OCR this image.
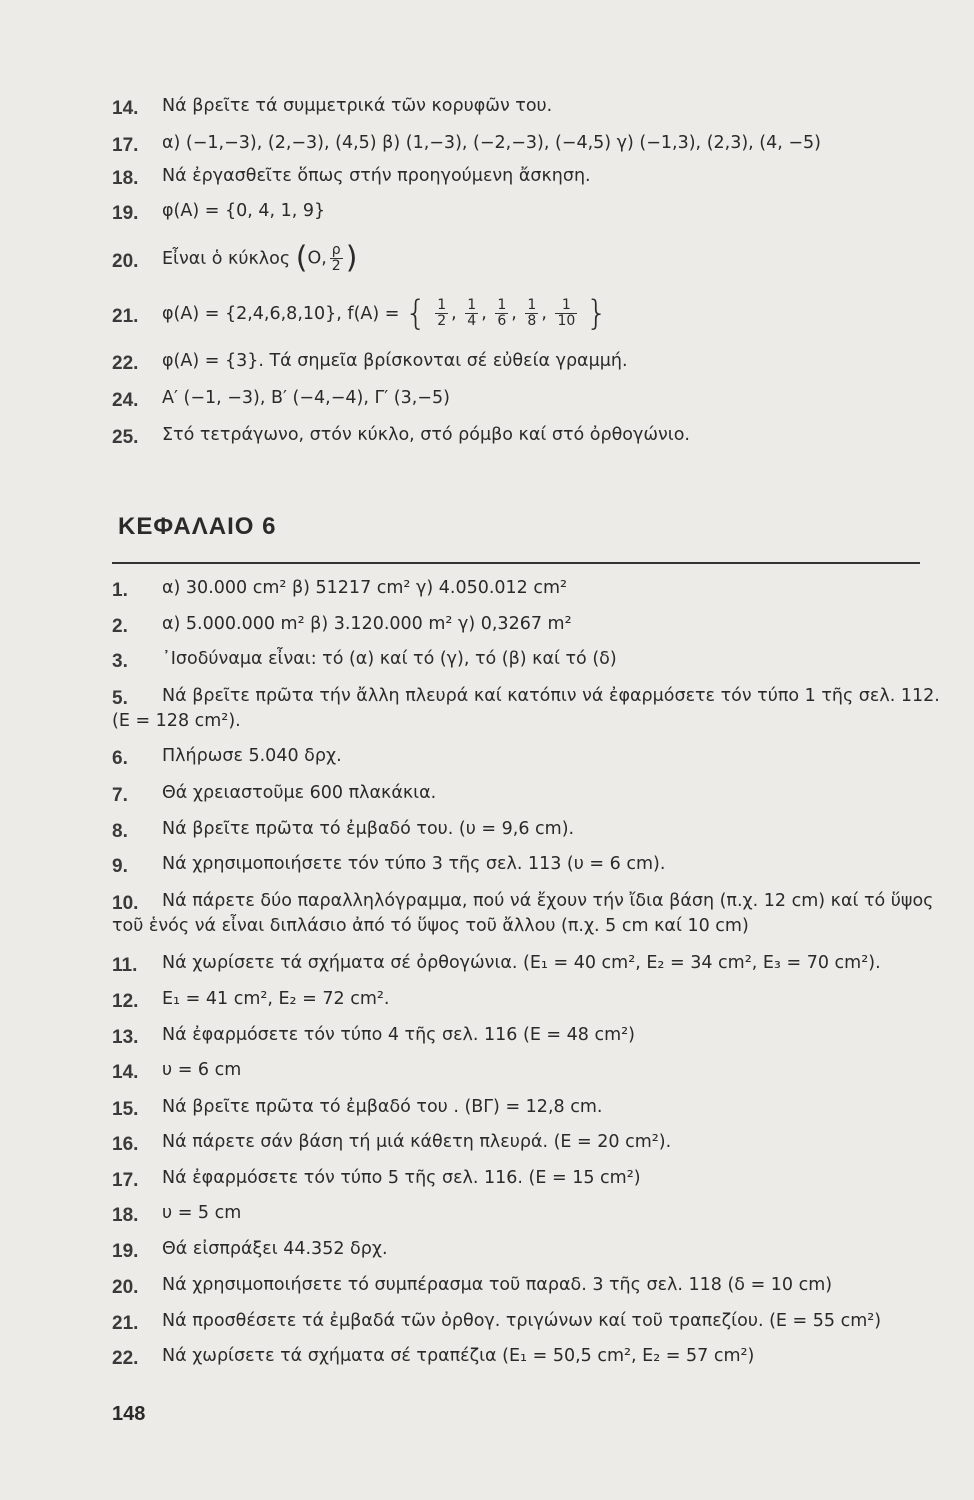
14. Νά βρεῖτε τά συμμετρικά τῶν κορυφῶν του.
17. α) (−1,−3), (2,−3), (4,5) β) (1,−3), (−2,−3), (−4,5) γ) (−1,3), (2,3), (4, −5)
18. Νά ἐργασθεῖτε ὅπως στήν προηγούμενη ἄσκηση.
19. φ(Α) = {0, 4, 1, 9}
20. Εἶναι ὁ κύκλος (Ο, $\frac{\rho}{2}$ )
21. φ(Α) = {2,4,6,8,10}, f(A) = { $\frac{1}{2}$ , $\frac{1}{4}$ , $\frac{1}{6}$ , $\frac{1}{8}$ , $\frac{1}{10}$ }
22. φ(Α) = {3}. Τά σημεῖα βρίσκονται σέ εὐθεία γραμμή.
24. Α′ (−1, −3), Β′ (−4,−4), Γ′ (3,−5)
25. Στό τετράγωνο, στόν κύκλο, στό ρόμβο καί στό ὀρθογώνιο.
ΚΕΦΑΛΑΙΟ 6
1. α) 30.000 cm² β) 51217 cm² γ) 4.050.012 cm²
2. α) 5.000.000 m² β) 3.120.000 m² γ) 0,3267 m²
3. ᾿Ισοδύναμα εἶναι: τό (α) καί τό (γ), τό (β) καί τό (δ)
5. Νά βρεῖτε πρῶτα τήν ἄλλη πλευρά καί κατόπιν νά ἐφαρμόσετε τόν τύπο 1 τῆς σελ. 112. (Ε = 128 cm²).
6. Πλήρωσε 5.040 δρχ.
7. Θά χρειαστοῦμε 600 πλακάκια.
8. Νά βρεῖτε πρῶτα τό ἐμβαδό του. (υ = 9,6 cm).
9. Νά χρησιμοποιήσετε τόν τύπο 3 τῆς σελ. 113 (υ = 6 cm).
10. Νά πάρετε δύο παραλληλόγραμμα, πού νά ἔχουν τήν ἴδια βάση (π.χ. 12 cm) καί τό ὕψος τοῦ ἑνός νά εἶναι διπλάσιο ἀπό τό ὕψος τοῦ ἄλλου (π.χ. 5 cm καί 10 cm)
11. Νά χωρίσετε τά σχήματα σέ ὀρθογώνια. (Ε₁ = 40 cm², Ε₂ = 34 cm², Ε₃ = 70 cm²).
12. Ε₁ = 41 cm², Ε₂ = 72 cm².
13. Νά ἐφαρμόσετε τόν τύπο 4 τῆς σελ. 116 (Ε = 48 cm²)
14. υ = 6 cm
15. Νά βρεῖτε πρῶτα τό ἐμβαδό του . (ΒΓ) = 12,8 cm.
16. Νά πάρετε σάν βάση τή μιά κάθετη πλευρά. (Ε = 20 cm²).
17. Νά ἐφαρμόσετε τόν τύπο 5 τῆς σελ. 116. (Ε = 15 cm²)
18. υ = 5 cm
19. Θά εἰσπράξει 44.352 δρχ.
20. Νά χρησιμοποιήσετε τό συμπέρασμα τοῦ παραδ. 3 τῆς σελ. 118 (δ = 10 cm)
21. Νά προσθέσετε τά ἐμβαδά τῶν ὀρθογ. τριγώνων καί τοῦ τραπεζίου. (Ε = 55 cm²)
22. Νά χωρίσετε τά σχήματα σέ τραπέζια (Ε₁ = 50,5 cm², Ε₂ = 57 cm²)
148
